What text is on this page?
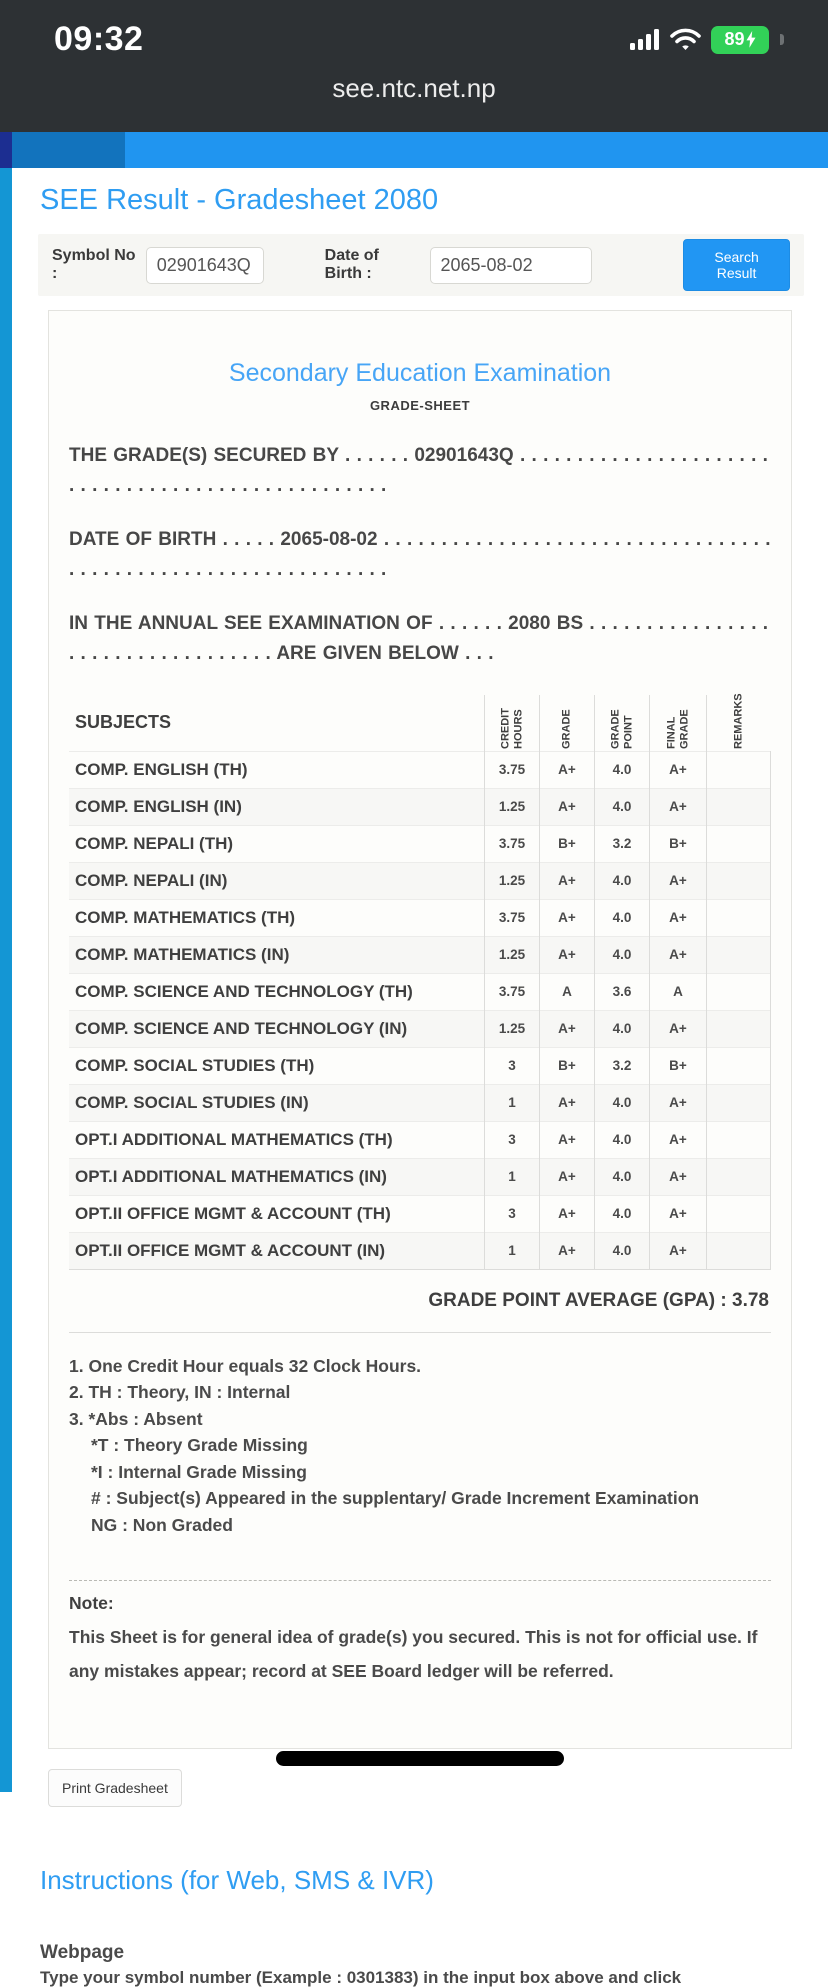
09:32	89
see.ntc.net.np
SEE Result - Gradesheet 2080
Symbol No :
02901643Q
Date of Birth :
2065-08-02
Search Result
Secondary Education Examination
GRADE-SHEET

THE GRADE(S) SECURED BY . . . . . . 02901643Q . . . . . . . . . . . . . . . . . . . . . . . . . . . . . . . . . . . . . . . . . . . . . . . . . .

DATE OF BIRTH . . . . . 2065-08-02 . . . . . . . . . . . . . . . . . . . . . . . . . . . . . . . . . . . . . . . . . . . . . . . . . . . . . . . . . . . . . .

IN THE ANNUAL SEE EXAMINATION OF . . . . . . 2080 BS . . . . . . . . . . . . . . . . . . . . . . . . . . . . . . . . . . ARE GIVEN BELOW . . .

SUBJECTS	CREDIT HOURS	GRADE	GRADE POINT	FINAL GRADE	REMARKS

COMP. ENGLISH (TH)	3.75	A+	4.0	A+	
COMP. ENGLISH (IN)	1.25	A+	4.0	A+	
COMP. NEPALI (TH)	3.75	B+	3.2	B+	
COMP. NEPALI (IN)	1.25	A+	4.0	A+	
COMP. MATHEMATICS (TH)	3.75	A+	4.0	A+	
COMP. MATHEMATICS (IN)	1.25	A+	4.0	A+	
COMP. SCIENCE AND TECHNOLOGY (TH)	3.75	A	3.6	A	
COMP. SCIENCE AND TECHNOLOGY (IN)	1.25	A+	4.0	A+	
COMP. SOCIAL STUDIES (TH)	3	B+	3.2	B+	
COMP. SOCIAL STUDIES (IN)	1	A+	4.0	A+	
OPT.I ADDITIONAL MATHEMATICS (TH)	3	A+	4.0	A+	
OPT.I ADDITIONAL MATHEMATICS (IN)	1	A+	4.0	A+	
OPT.II OFFICE MGMT & ACCOUNT (TH)	3	A+	4.0	A+	
OPT.II OFFICE MGMT & ACCOUNT (IN)	1	A+	4.0	A+	
GRADE POINT AVERAGE (GPA) : 3.78
1. One Credit Hour equals 32 Clock Hours.
2. TH : Theory, IN : Internal
3. *Abs : Absent
*T : Theory Grade Missing
*I : Internal Grade Missing
# : Subject(s) Appeared in the supplentary/ Grade Increment Examination
NG : Non Graded
Note:
This Sheet is for general idea of grade(s) you secured. This is not for official use. If any mistakes appear; record at SEE Board ledger will be referred.
Print Gradesheet
Instructions (for Web, SMS & IVR)
Webpage
Type your symbol number (Example : 0301383) in the input box above and click
